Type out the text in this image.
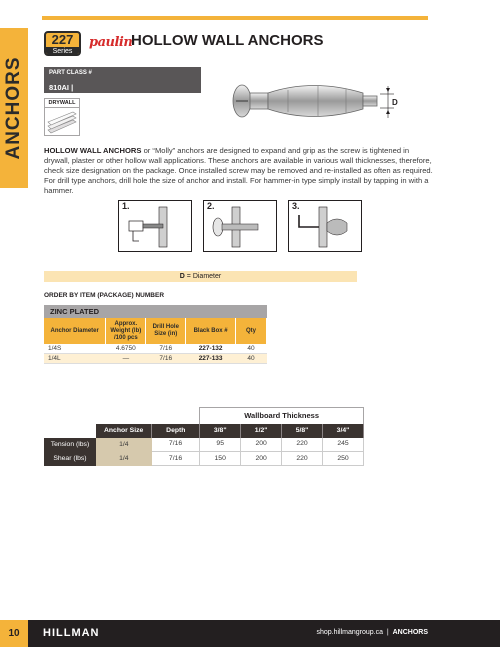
ANCHORS
227
Series
paulin
HOLLOW WALL ANCHORS
PART CLASS #
810AI |
DRYWALL	D
HOLLOW WALL ANCHORS or “Molly” anchors are designed to expand and grip as the screw is tightened in drywall, plaster or other hollow wall applications. These anchors are available in various wall thicknesses, therefore, check size designation on the package. Once installed screw may be removed and re-installed as often as required. For drill type anchors, drill hole the size of anchor and install. For hammer-in type simply install by tapping in with a hammer.
1.	2.	3.
D = Diameter
ORDER BY ITEM (PACKAGE) NUMBER
ZINC PLATED				
Anchor Diameter	Approx. Weight (lb) /100 pcs	Drill Hole Size (in)	Black Box #	Qty
1/4S	4.6750	7/16	227-132	40
1/4L	—	7/16	227-133	40
			Wallboard Thickness			
	Anchor Size	Depth	3/8"	1/2"	5/8"	3/4"
Tension (lbs)	1/4	7/16	95	200	220	245
Shear (lbs)	1/4	7/16	150	200	220	250
10	HILLMAN	shop.hillmangroup.ca  |  ANCHORS
